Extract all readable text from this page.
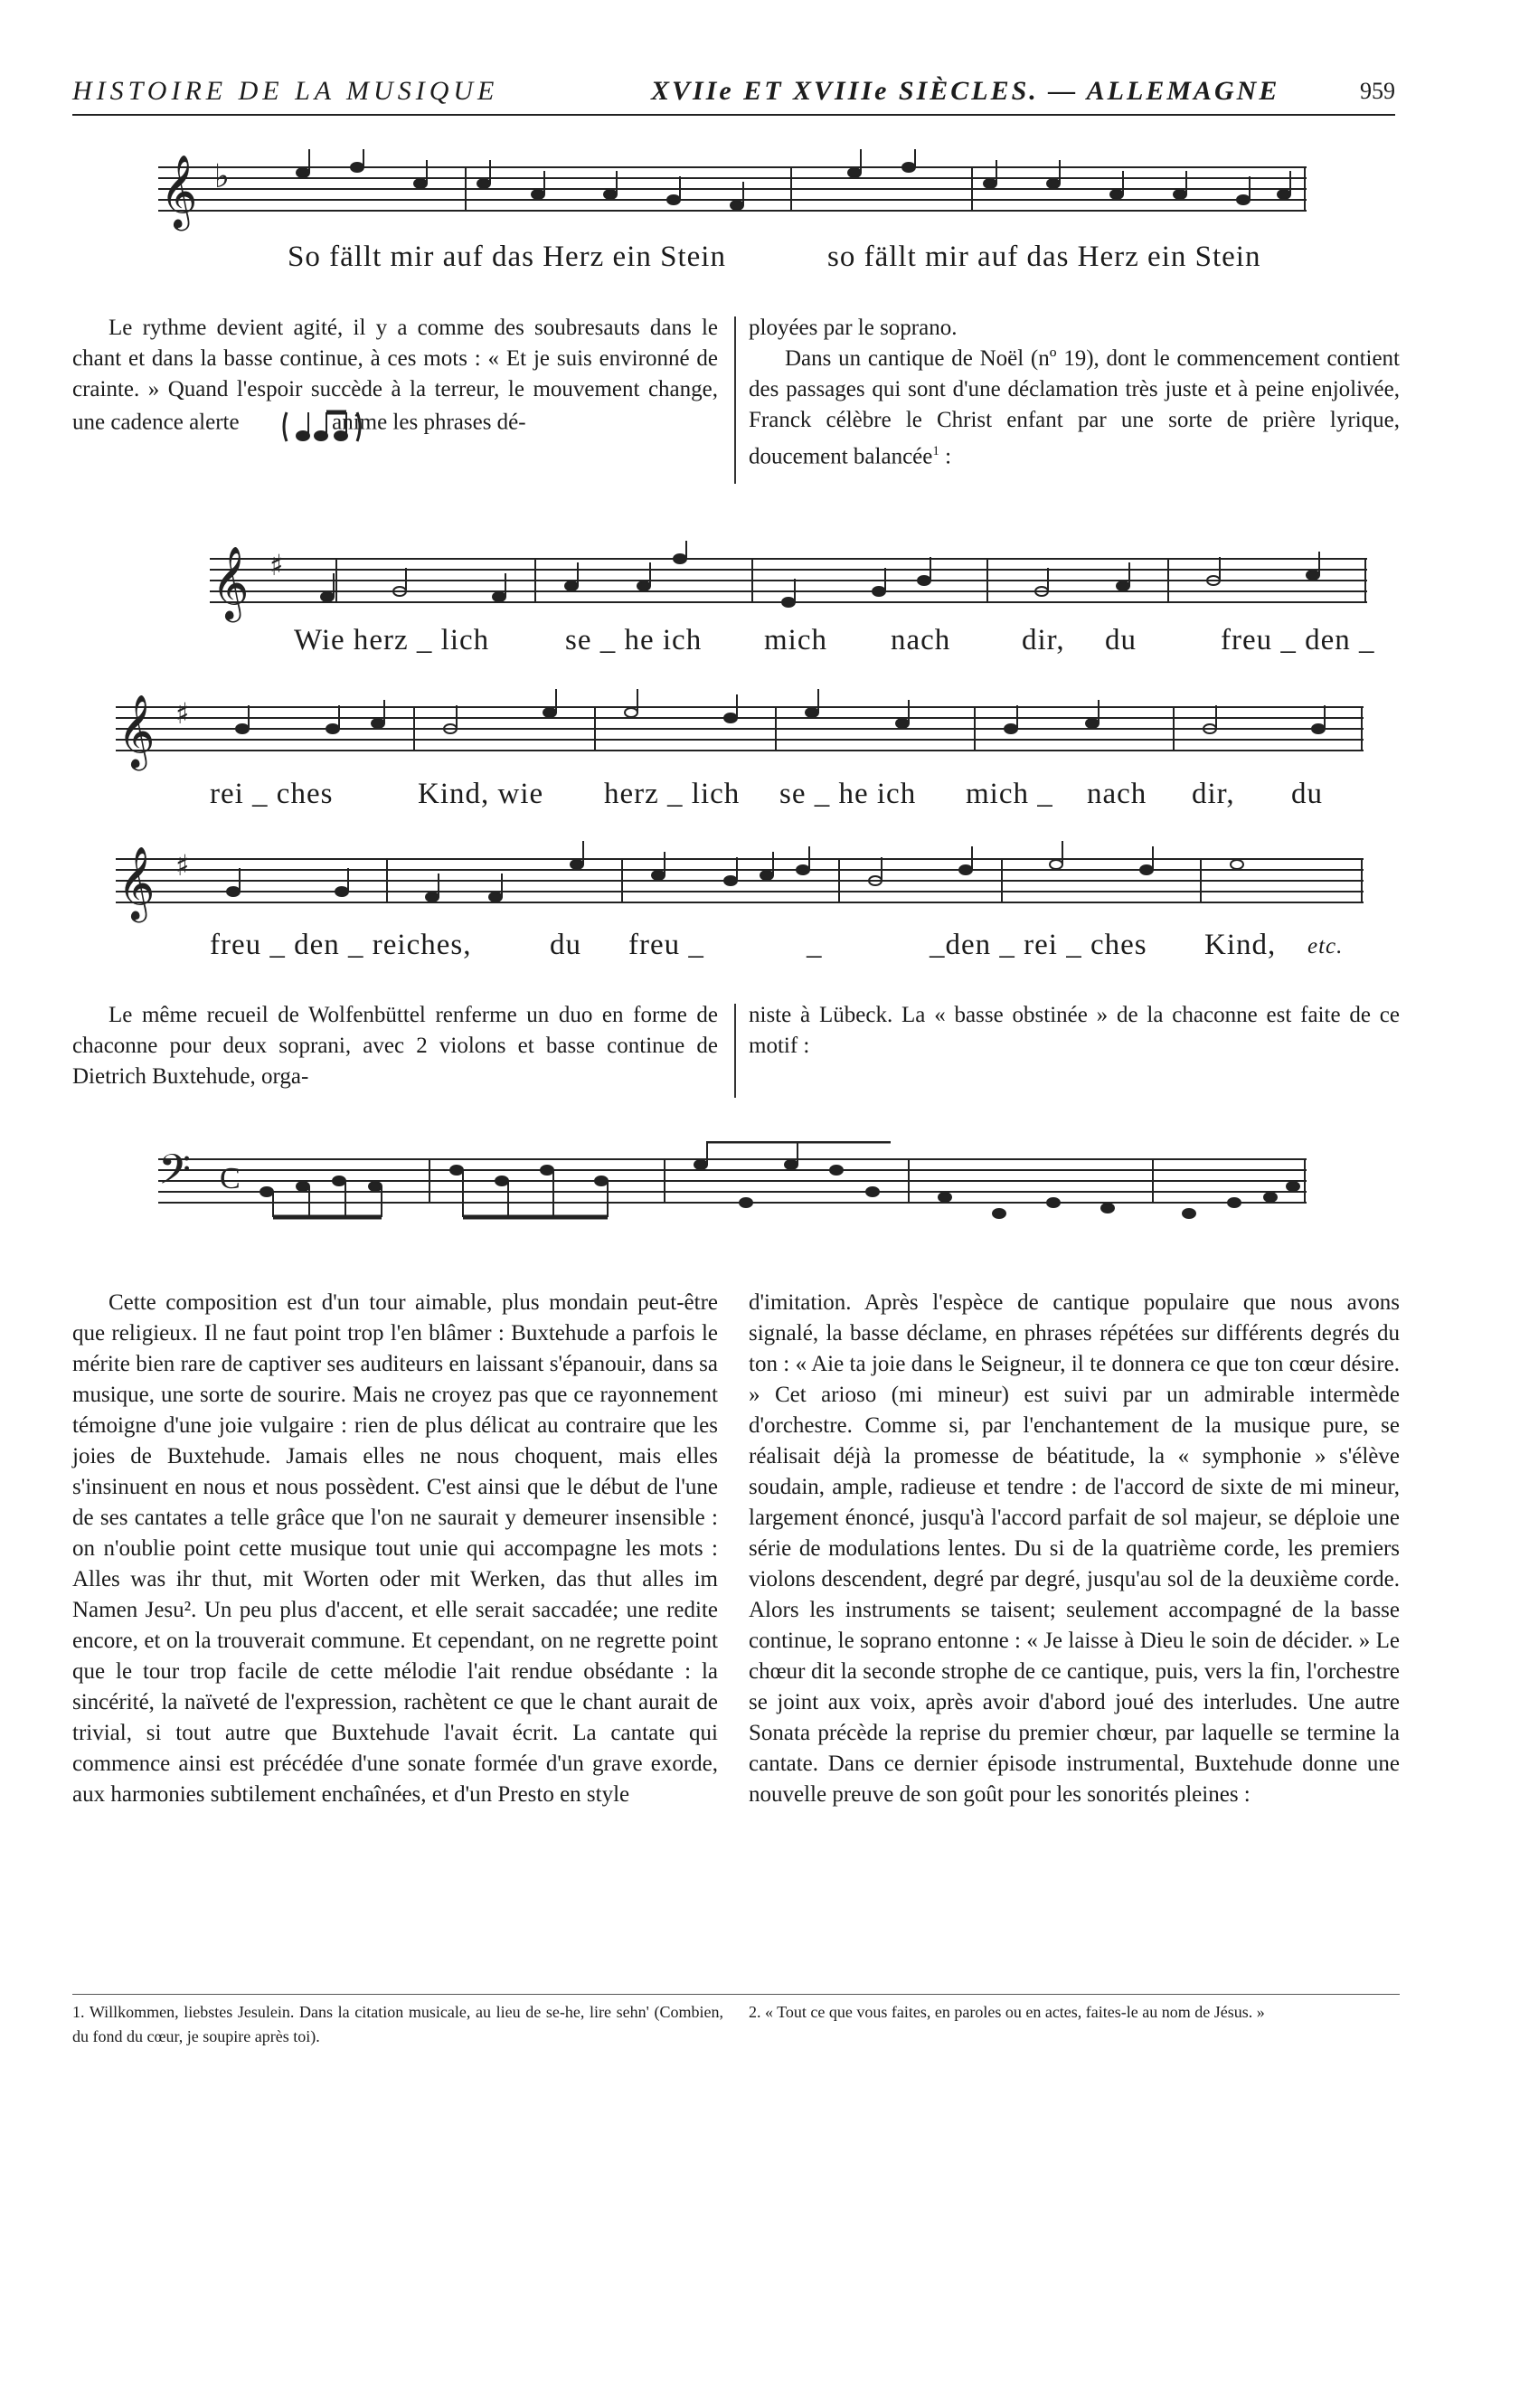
HISTOIRE DE LA MUSIQUE	XVIIe ET XVIIIe SIÈCLES. — ALLEMAGNE	959
𝄞 ♭
So fällt mir auf das Herz ein Stein	so fällt mir auf das Herz ein Stein

Le rythme devient agité, il y a comme des soubresauts dans le chant et dans la basse continue, à ces mots : « Et je suis environné de crainte. » Quand l'espoir succède à la terreur, le mouvement change, une cadence alerte	anime les phrases dé-

ployées par le soprano.

Dans un cantique de Noël (nº 19), dont le commencement contient des passages qui sont d'une déclamation très juste et à peine enjolivée, Franck célèbre le Christ enfant par une sorte de prière lyrique, doucement balancée$^1$ :

𝄞 ♯
Wie herz _ lich	se _ he ich mich nach dir, du	freu _ den _
𝄞 ♯
rei _ ches	Kind, wie herz _ lich se _ he ich mich _ nach dir, du
𝄞 ♯
freu _ den _ reiches,	du freu _	_	_den _ rei _ ches Kind, etc.

Le même recueil de Wolfenbüttel renferme un duo en forme de chaconne pour deux soprani, avec 2 violons et basse continue de Dietrich Buxtehude, orga-

niste à Lübeck. La « basse obstinée » de la chaconne est faite de ce motif :

𝄢 C

Cette composition est d'un tour aimable, plus mondain peut-être que religieux. Il ne faut point trop l'en blâmer : Buxtehude a parfois le mérite bien rare de captiver ses auditeurs en laissant s'épanouir, dans sa musique, une sorte de sourire. Mais ne croyez pas que ce rayonnement témoigne d'une joie vulgaire : rien de plus délicat au contraire que les joies de Buxtehude. Jamais elles ne nous choquent, mais elles s'insinuent en nous et nous possèdent. C'est ainsi que le début de l'une de ses cantates a telle grâce que l'on ne saurait y demeurer insensible : on n'oublie point cette musique tout unie qui accompagne les mots : Alles was ihr thut, mit Worten oder mit Werken, das thut alles im Namen Jesu². Un peu plus d'accent, et elle serait saccadée; une redite encore, et on la trouverait commune. Et cependant, on ne regrette point que le tour trop facile de cette mélodie l'ait rendue obsédante : la sincérité, la naïveté de l'expression, rachètent ce que le chant aurait de trivial, si tout autre que Buxtehude l'avait écrit. La cantate qui commence ainsi est précédée d'une sonate formée d'un grave exorde, aux harmonies subtilement enchaînées, et d'un Presto en style

d'imitation. Après l'espèce de cantique populaire que nous avons signalé, la basse déclame, en phrases répétées sur différents degrés du ton : « Aie ta joie dans le Seigneur, il te donnera ce que ton cœur désire. » Cet arioso (mi mineur) est suivi par un admirable intermède d'orchestre. Comme si, par l'enchantement de la musique pure, se réalisait déjà la promesse de béatitude, la « symphonie » s'élève soudain, ample, radieuse et tendre : de l'accord de sixte de mi mineur, largement énoncé, jusqu'à l'accord parfait de sol majeur, se déploie une série de modulations lentes. Du si de la quatrième corde, les premiers violons descendent, degré par degré, jusqu'au sol de la deuxième corde. Alors les instruments se taisent; seulement accompagné de la basse continue, le soprano entonne : « Je laisse à Dieu le soin de décider. » Le chœur dit la seconde strophe de ce cantique, puis, vers la fin, l'orchestre se joint aux voix, après avoir d'abord joué des interludes. Une autre Sonata précède la reprise du premier chœur, par laquelle se termine la cantate. Dans ce dernier épisode instrumental, Buxtehude donne une nouvelle preuve de son goût pour les sonorités pleines :

1. Willkommen, liebstes Jesulein. Dans la citation musicale, au lieu de se-he, lire sehn' (Combien, du fond du cœur, je soupire après toi).
2. « Tout ce que vous faites, en paroles ou en actes, faites-le au nom de Jésus. »
